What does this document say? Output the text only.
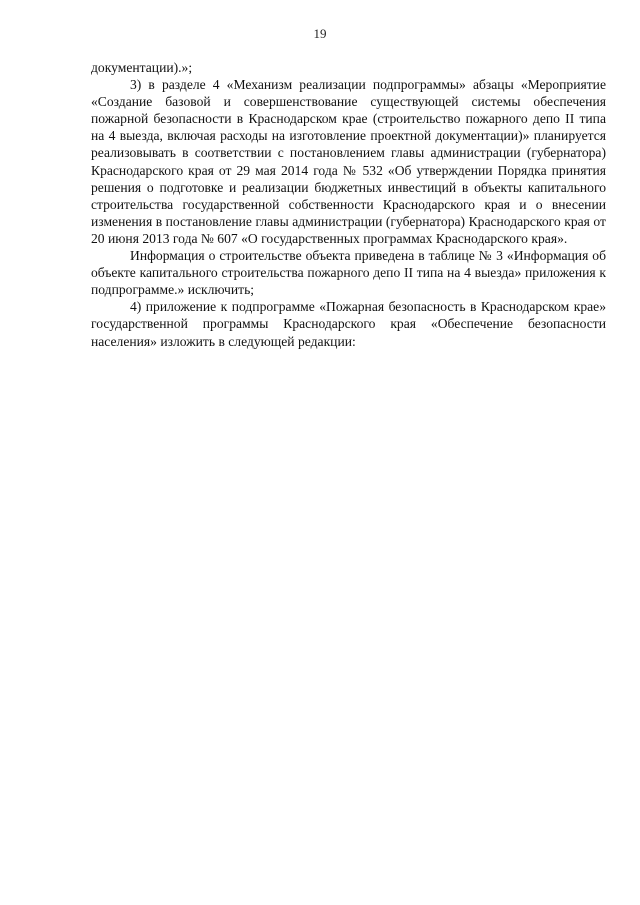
19

документации).»;

3) в разделе 4 «Механизм реализации подпрограммы» абзацы «Мероприятие «Создание базовой и совершенствование существующей системы обеспечения пожарной безопасности в Краснодарском крае (строительство пожарного депо II типа на 4 выезда, включая расходы на изготовление проектной документации)» планируется реализовывать в соответствии с постановлением главы администрации (губернатора) Краснодарского края от 29 мая 2014 года № 532 «Об утверждении Порядка принятия решения о подготовке и реализации бюджетных инвестиций в объекты капитального строительства государственной собственности Краснодарского края и о внесении изменения в постановление главы администрации (губернатора) Краснодарского края от 20 июня 2013 года № 607 «О государственных программах Краснодарского края».

Информация о строительстве объекта приведена в таблице № 3 «Информация об объекте капитального строительства пожарного депо II типа на 4 выезда» приложения к подпрограмме.» исключить;

4) приложение к подпрограмме «Пожарная безопасность в Краснодарском крае» государственной программы Краснодарского края «Обеспечение безопасности населения» изложить в следующей редакции:
